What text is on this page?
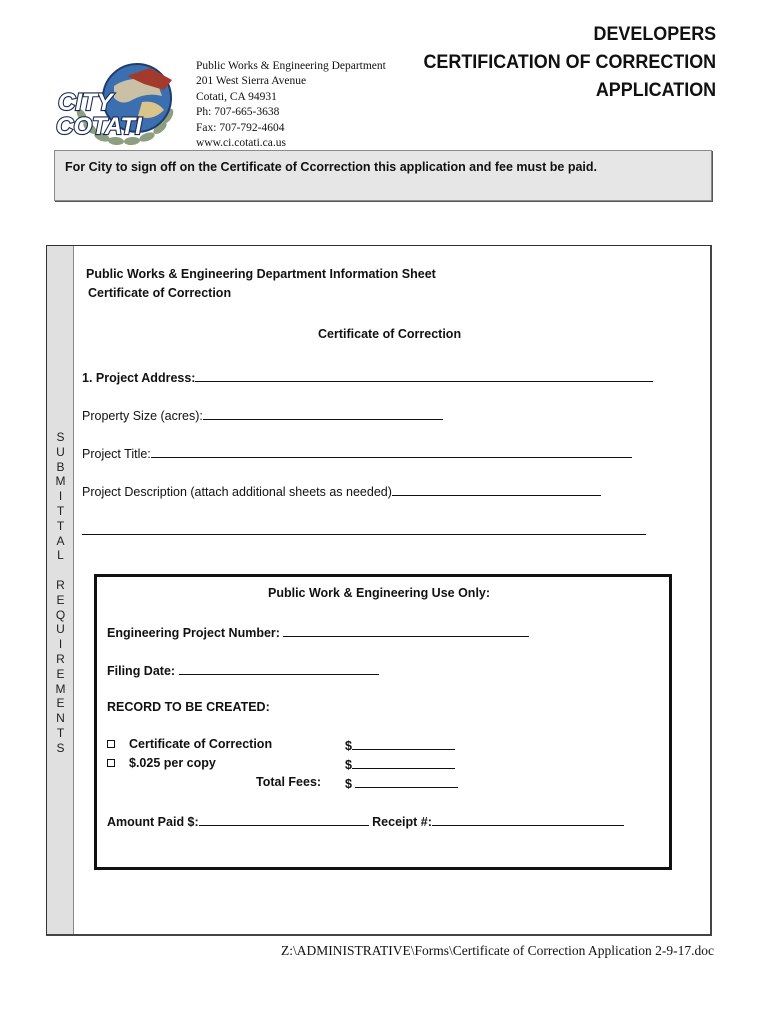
CITY
COTATI
Public Works & Engineering Department
201 West Sierra Avenue
Cotati, CA 94931
Ph: 707-665-3638
Fax: 707-792-4604
www.ci.cotati.ca.us
DEVELOPERS
CERTIFICATION OF CORRECTION
APPLICATION
For City to sign off on the Certificate of Ccorrection this application and fee must be paid.
S
U
B
M
I
T
T
A
L
R
E
Q
U
I
R
E
M
E
N
T
S
Public Works & Engineering Department Information Sheet
Certificate of Correction
Certificate of Correction
1. Project Address:
Property Size (acres):
Project Title:
Project Description (attach additional sheets as needed)
Public Work & Engineering Use Only:
Engineering Project Number:
Filing Date:
RECORD TO BE CREATED:
Certificate of Correction	$
$.025 per copy	$
Total Fees: $
Amount Paid $:	Receipt #:
Z:\ADMINISTRATIVE\Forms\Certificate of Correction Application 2-9-17.doc
